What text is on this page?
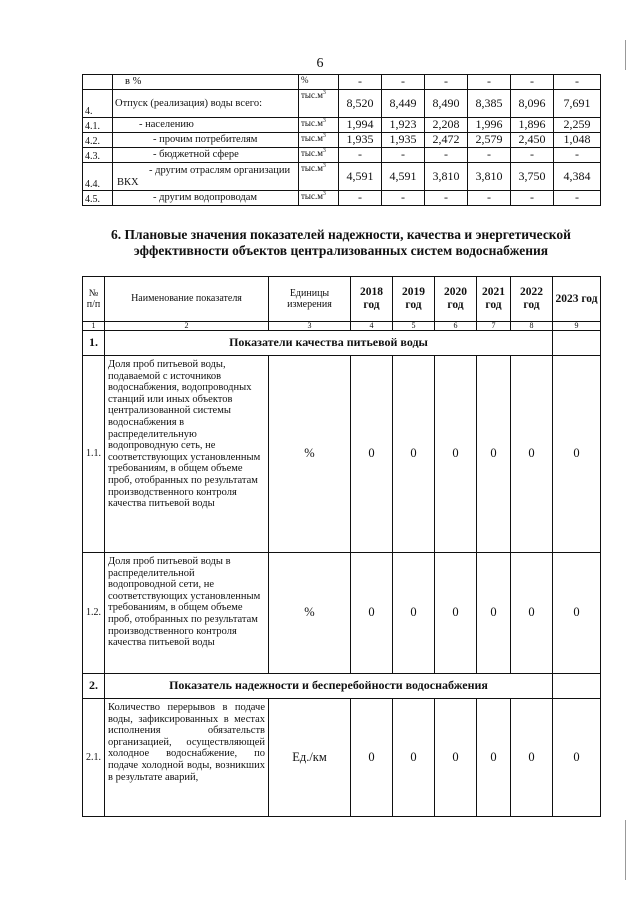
6
	в %	%	-	-	-	-	-	-
4.	Отпуск (реализация) воды всего:	$тыс.м^3$	8,520	8,449	8,490	8,385	8,096	7,691
4.1.	- населению	$тыс.м^3$	1,994	1,923	2,208	1,996	1,896	2,259
4.2.	- прочим потребителям	$тыс.м^3$	1,935	1,935	2,472	2,579	2,450	1,048
4.3.	- бюджетной сфере	$тыс.м^3$	-	-	-	-	-	-
4.4.	- другим отраслям организации ВКХ	$тыс.м^3$	4,591	4,591	3,810	3,810	3,750	4,384
4.5.	- другим водопроводам	$тыс.м^3$	-	-	-	-	-	-
6. Плановые значения показателей надежности, качества и энергетической эффективности объектов централизованных систем водоснабжения
№ п/п	Наименование показателя	Единицы измерения	2018 год	2019 год	2020 год	2021 год	2022 год	2023 год
1	2	3	4	5	6	7	8	9
1.	Показатели качества питьевой воды							
1.1.	Доля проб питьевой воды, подаваемой с источников водоснабжения, водопроводных станций или иных объектов централизованной системы водоснабжения в распределительную водопроводную сеть, не соответствующих установленным требованиям, в общем объеме проб, отобранных по результатам производственного контроля качества питьевой воды	%	0	0	0	0	0	0
1.2.	Доля проб питьевой воды в распределительной водопроводной сети, не соответствующих установленным требованиям, в общем объеме проб, отобранных по результатам производственного контроля качества питьевой воды	%	0	0	0	0	0	0
2.	Показатель надежности и бесперебойности водоснабжения							
2.1.	Количество перерывов в подаче воды, зафиксированных в местах исполнения обязательств организацией, осуществляющей холодное водоснабжение, по подаче холодной воды, возникших в результате аварий,	Ед./км	0	0	0	0	0	0
